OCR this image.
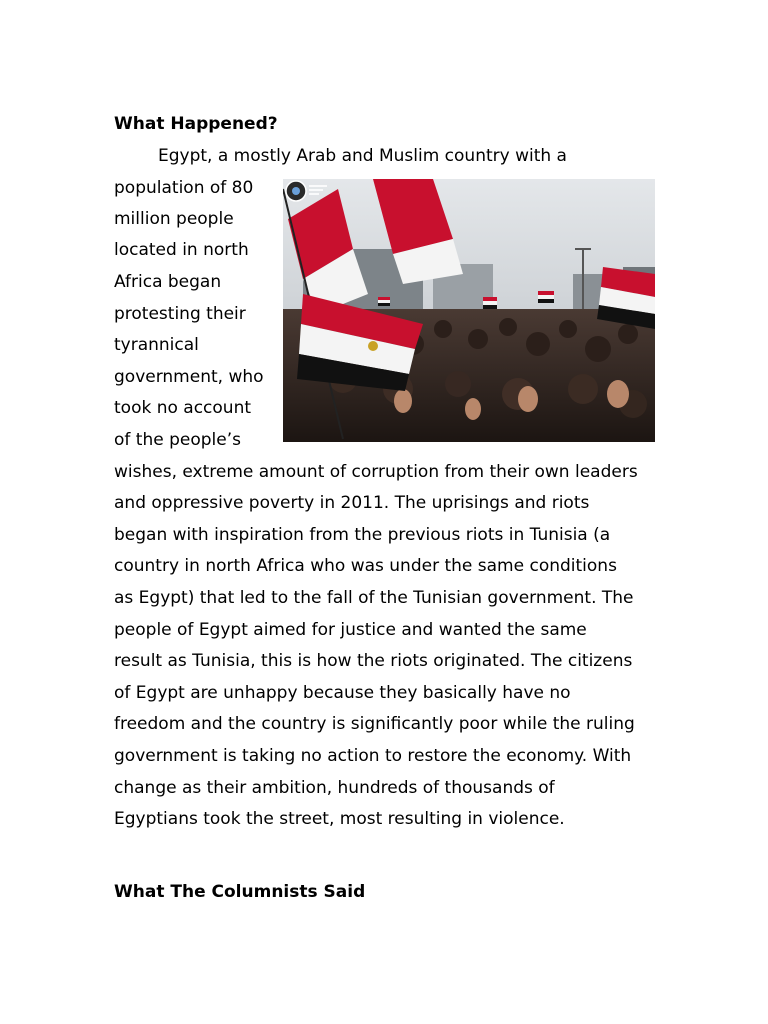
What Happened?
Egypt, a mostly Arab and Muslim country with a
population of 80
million people
located in north
Africa began
protesting their
tyrannical
government, who
took no account
of the people’s
wishes, extreme amount of corruption from their own leaders
and oppressive poverty in 2011. The uprisings and riots
began with inspiration from the previous riots in Tunisia (a
country in north Africa who was under the same conditions
as Egypt) that led to the fall of the Tunisian government. The
people of Egypt aimed for justice and wanted the same
result as Tunisia, this is how the riots originated. The citizens
of Egypt are unhappy because they basically have no
freedom and the country is significantly poor while the ruling
government is taking no action to restore the economy. With
change as their ambition, hundreds of thousands of
Egyptians took the street, most resulting in violence.
What The Columnists Said
